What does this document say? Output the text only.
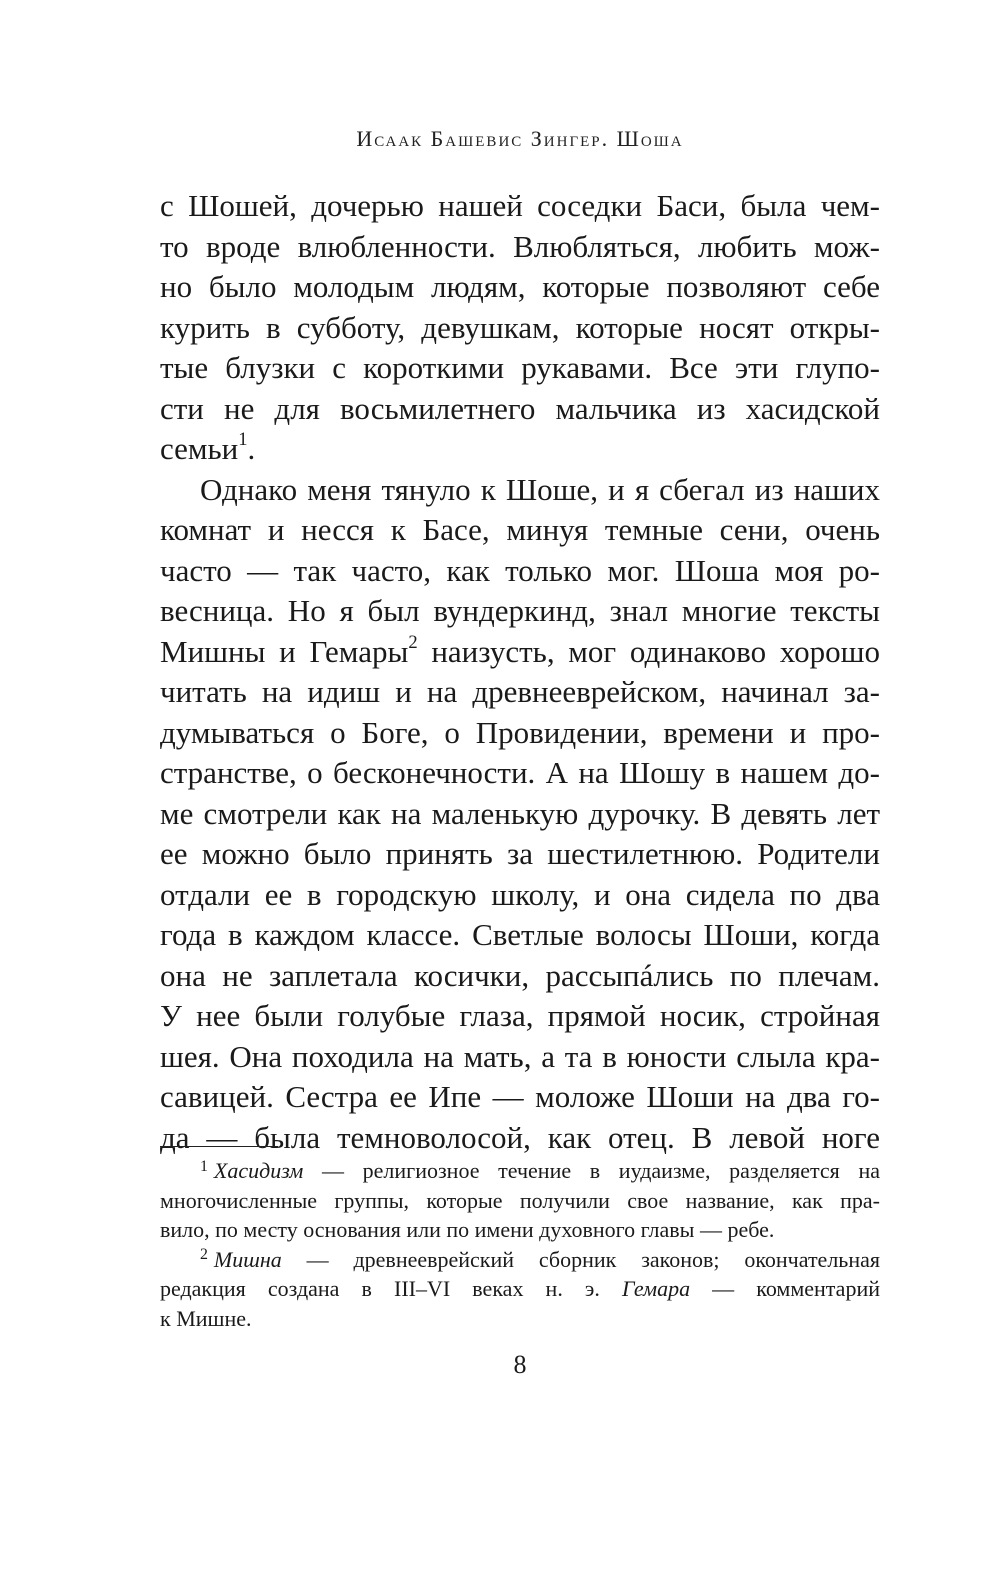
Исаак Башевис Зингер. Шоша
с Шошей, дочерью нашей соседки Баси, была чем-
то вроде влюбленности. Влюбляться, любить мож-
но было молодым людям, которые позволяют себе
курить в субботу, девушкам, которые носят откры-
тые блузки с короткими рукавами. Все эти глупо-
сти не для восьмилетнего мальчика из хасидской
семьи$^1$.
Однако меня тянуло к Шоше, и я сбегал из наших
комнат и несся к Басе, минуя темные сени, очень
часто — так часто, как только мог. Шоша моя ро-
весница. Но я был вундеркинд, знал многие тексты
Мишны и Гемары$^2$ наизусть, мог одинаково хорошо
читать на идиш и на древнееврейском, начинал за-
думываться о Боге, о Провидении, времени и про-
странстве, о бесконечности. А на Шошу в нашем до-
ме смотрели как на маленькую дурочку. В девять лет
ее можно было принять за шестилетнюю. Родители
отдали ее в городскую школу, и она сидела по два
года в каждом классе. Светлые волосы Шоши, когда
она не заплетала косички, рассыпáлись по плечам.
У нее были голубые глаза, прямой носик, стройная
шея. Она походила на мать, а та в юности слыла кра-
савицей. Сестра ее Ипе — моложе Шоши на два го-
да — была темноволосой, как отец. В левой ноге
$^1$ Хасидизм — религиозное течение в иудаизме, разделяется на
многочисленные группы, которые получили свое название, как пра-
вило, по месту основания или по имени духовного главы — ребе.
$^2$ Мишна — древнееврейский сборник законов; окончательная
редакция создана в III–VI веках н. э. Гемара — комментарий
к Мишне.
8
